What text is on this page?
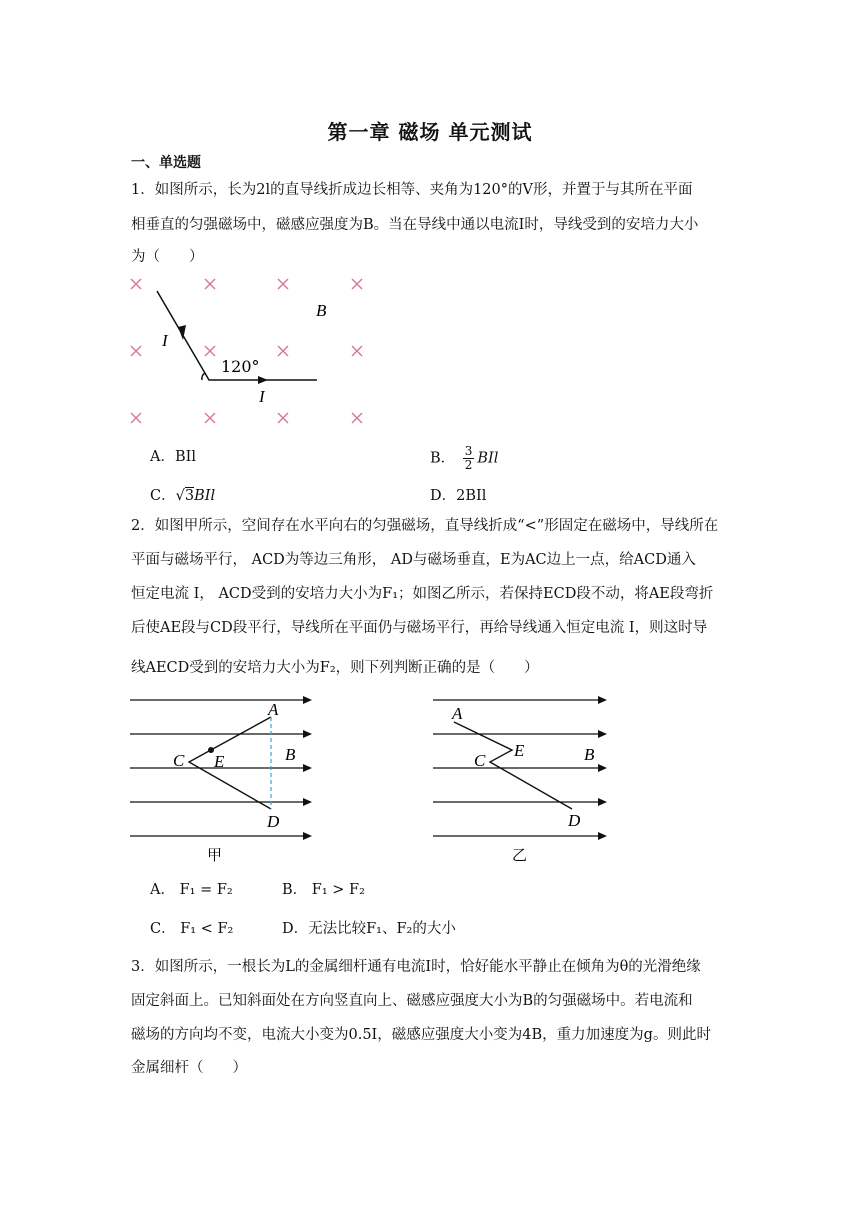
第一章 磁场 单元测试
一、单选题
1．如图所示，长为2l的直导线折成边长相等、夹角为120°的V形，并置于与其所在平面
相垂直的匀强磁场中，磁感应强度为B。当在导线中通以电流I时，导线受到的安培力大小
为（　　）
B
I
I
120°
A．BIl	B． $\frac{3}{2}$ BIl
C．√3BIl	D．2BIl
2．如图甲所示，空间存在水平向右的匀强磁场，直导线折成“<”形固定在磁场中，导线所在
平面与磁场平行， ACD为等边三角形， AD与磁场垂直，E为AC边上一点，给ACD通入
恒定电流 I， ACD受到的安培力大小为F₁；如图乙所示，若保持ECD段不动，将AE段弯折
后使AE段与CD段平行，导线所在平面仍与磁场平行，再给导线通入恒定电流 I，则这时导
线AECD受到的安培力大小为F₂，则下列判断正确的是（　　）
A
C E	B
D
甲
A
C
E	B
D
乙
A． F₁ = F₂	B． F₁ > F₂
C． F₁ < F₂	D．无法比较F₁、F₂的大小
3．如图所示，一根长为L的金属细杆通有电流I时，恰好能水平静止在倾角为θ的光滑绝缘
固定斜面上。已知斜面处在方向竖直向上、磁感应强度大小为B的匀强磁场中。若电流和
磁场的方向均不变，电流大小变为0.5I，磁感应强度大小变为4B，重力加速度为g。则此时
金属细杆（　　）
